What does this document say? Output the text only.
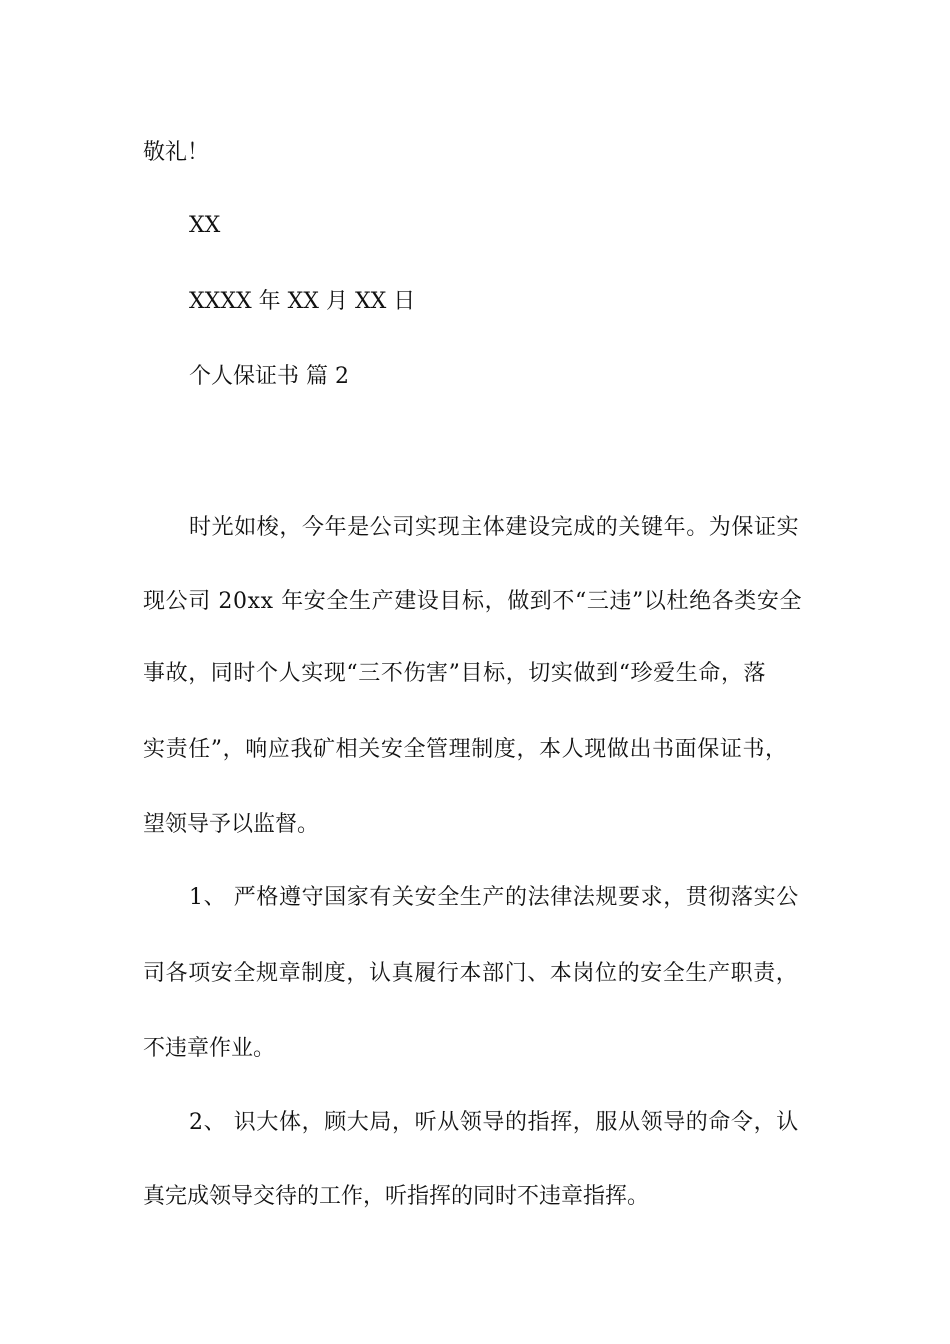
敬礼！
XX
XXXX 年 XX 月 XX 日
个人保证书 篇 2
时光如梭，今年是公司实现主体建设完成的关键年。为保证实
现公司 20xx 年安全生产建设目标，做到不“三违”以杜绝各类安全
事故，同时个人实现“三不伤害”目标，切实做到“珍爱生命，落
实责任”，响应我矿相关安全管理制度，本人现做出书面保证书，
望领导予以监督。
1、 严格遵守国家有关安全生产的法律法规要求，贯彻落实公
司各项安全规章制度，认真履行本部门、本岗位的安全生产职责，
不违章作业。
2、 识大体，顾大局，听从领导的指挥，服从领导的命令，认
真完成领导交待的工作，听指挥的同时不违章指挥。
